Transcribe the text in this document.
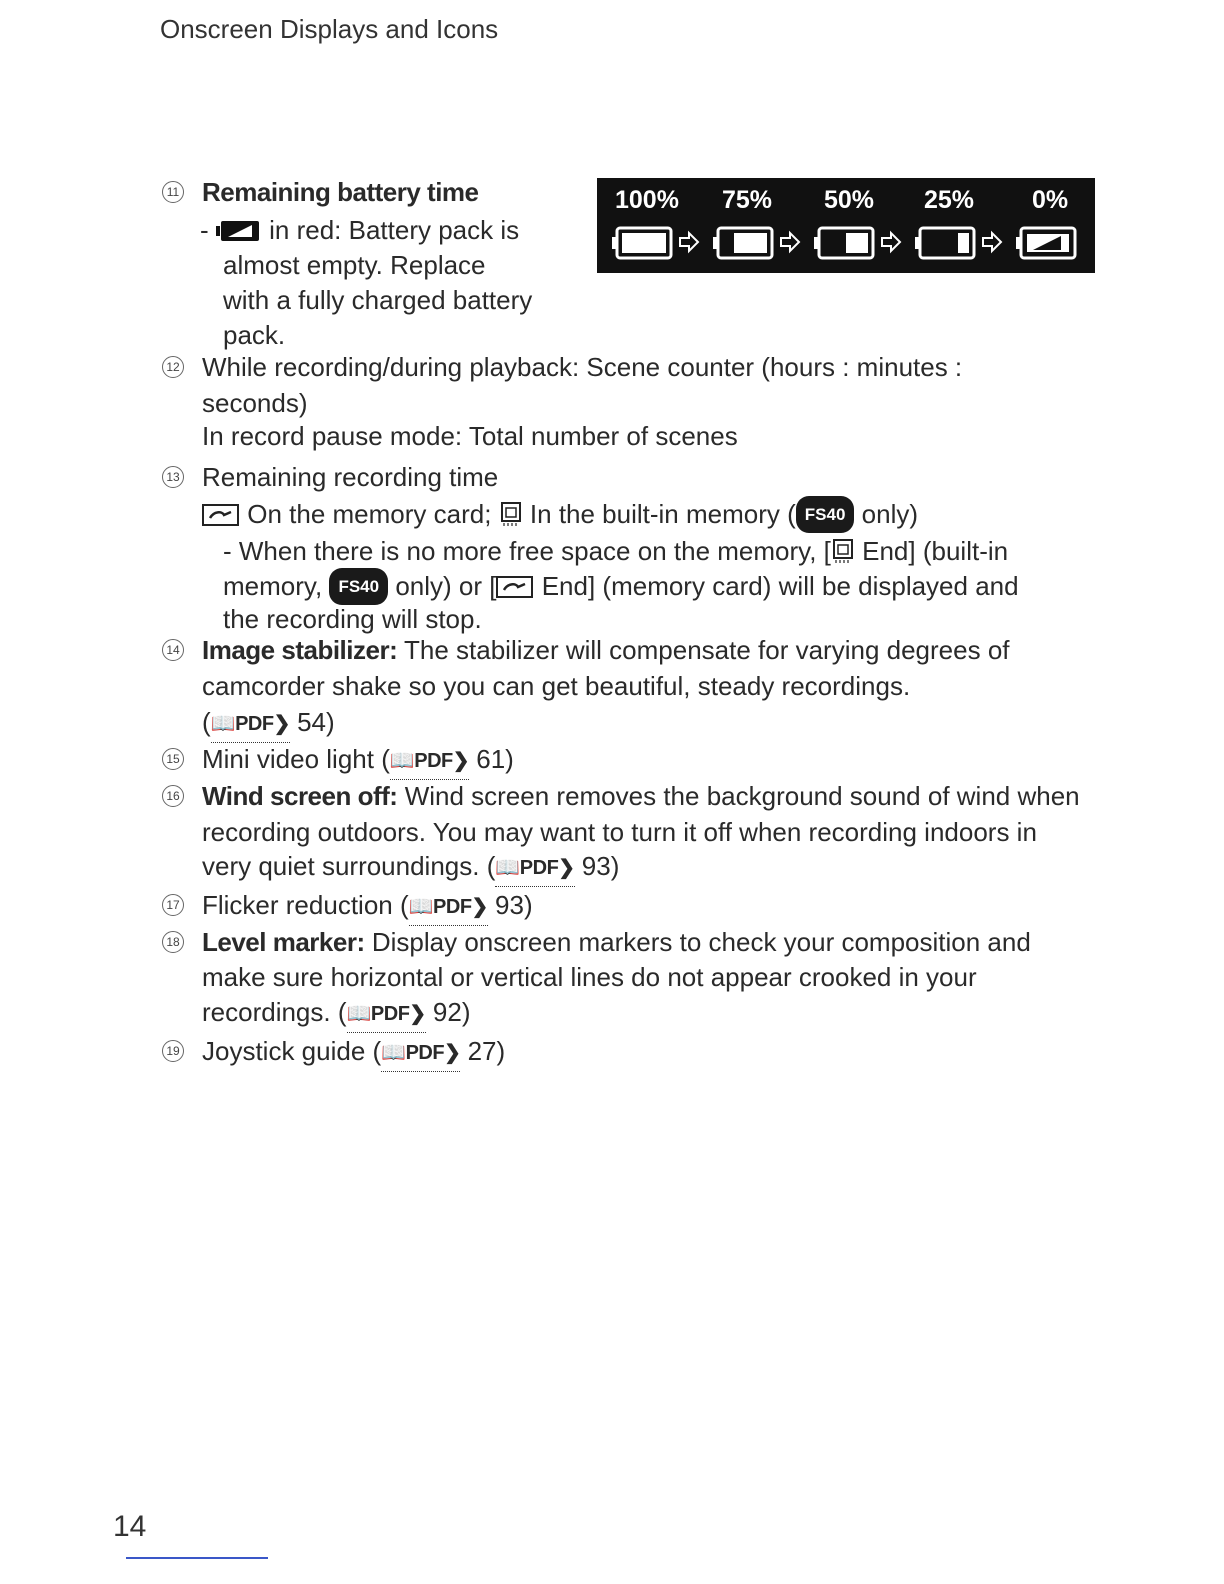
Onscreen Displays and Icons
100% 75% 50% 25% 0%
11 Remaining battery time
- in red: Battery pack is
almost empty. Replace
with a fully charged battery
pack.
12 While recording/during playback: Scene counter (hours : minutes :
seconds)
In record pause mode: Total number of scenes
13 Remaining recording time
On the memory card; In the built-in memory ( FS40 only)
- When there is no more free space on the memory, [ End] (built-in
memory, FS40 only) or [ End] (memory card) will be displayed and
the recording will stop.
14 Image stabilizer: The stabilizer will compensate for varying degrees of
camcorder shake so you can get beautiful, steady recordings.
(📖PDF❯ 54)
15 Mini video light (📖PDF❯ 61)
16 Wind screen off: Wind screen removes the background sound of wind when
recording outdoors. You may want to turn it off when recording indoors in
very quiet surroundings. (📖PDF❯ 93)
17 Flicker reduction (📖PDF❯ 93)
18 Level marker: Display onscreen markers to check your composition and
make sure horizontal or vertical lines do not appear crooked in your
recordings. (📖PDF❯ 92)
19 Joystick guide (📖PDF❯ 27)
14
